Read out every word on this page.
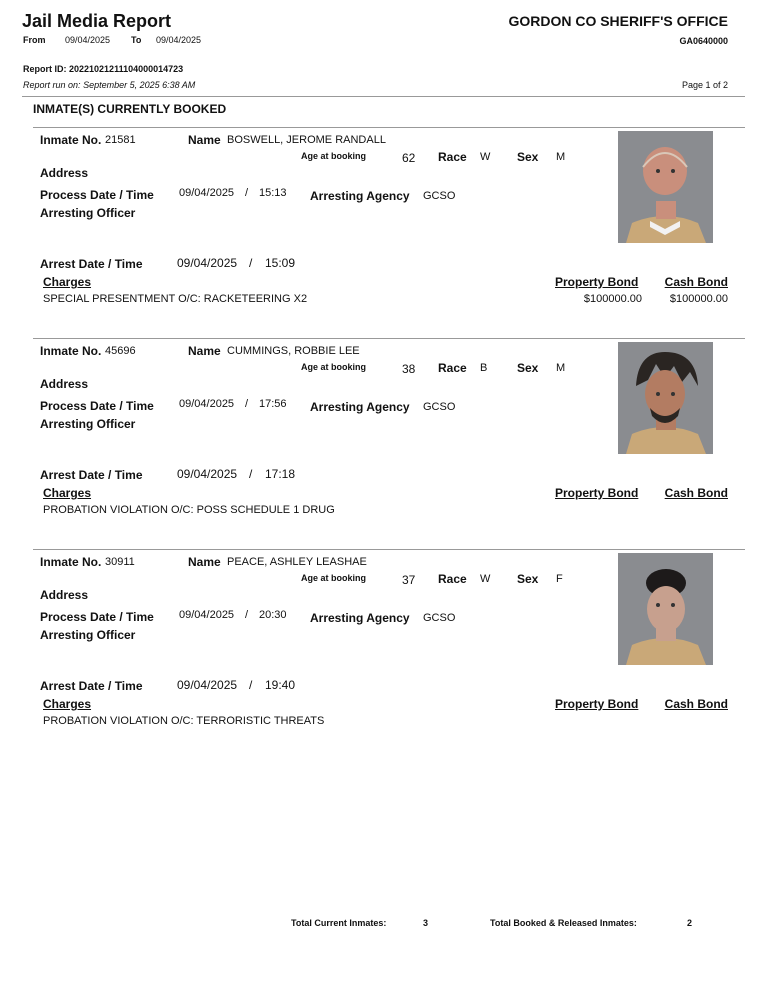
Jail Media Report
From 09/04/2025 To 09/04/2025
GORDON CO SHERIFF'S OFFICE
GA0640000
Report ID: 20221021211104000014723
Report run on: September 5, 2025 6:38 AM	Page 1 of 2
INMATE(S) CURRENTLY BOOKED
Inmate No. 21581	Name BOSWELL, JEROME RANDALL
Age at booking	62 Race W Sex M
Address
Process Date / Time 09/04/2025 / 15:13 Arresting Agency GCSO
Arresting Officer
Arrest Date / Time	09/04/2025 / 15:09
Charges	Property Bond Cash Bond
SPECIAL PRESENTMENT O/C: RACKETEERING X2	$100000.00	$100000.00
Inmate No. 45696	Name CUMMINGS, ROBBIE LEE
Age at booking	38 Race B Sex M
Address
Process Date / Time 09/04/2025 / 17:56 Arresting Agency GCSO
Arresting Officer
Arrest Date / Time	09/04/2025 / 17:18
Charges	Property Bond Cash Bond
PROBATION VIOLATION O/C: POSS SCHEDULE 1 DRUG
Inmate No. 30911	Name PEACE, ASHLEY LEASHAE
Age at booking	37 Race W Sex F
Address
Process Date / Time 09/04/2025 / 20:30 Arresting Agency GCSO
Arresting Officer
Arrest Date / Time	09/04/2025 / 19:40
Charges	Property Bond Cash Bond
PROBATION VIOLATION O/C: TERRORISTIC THREATS
Total Current Inmates:	3	Total Booked & Released Inmates:	2
